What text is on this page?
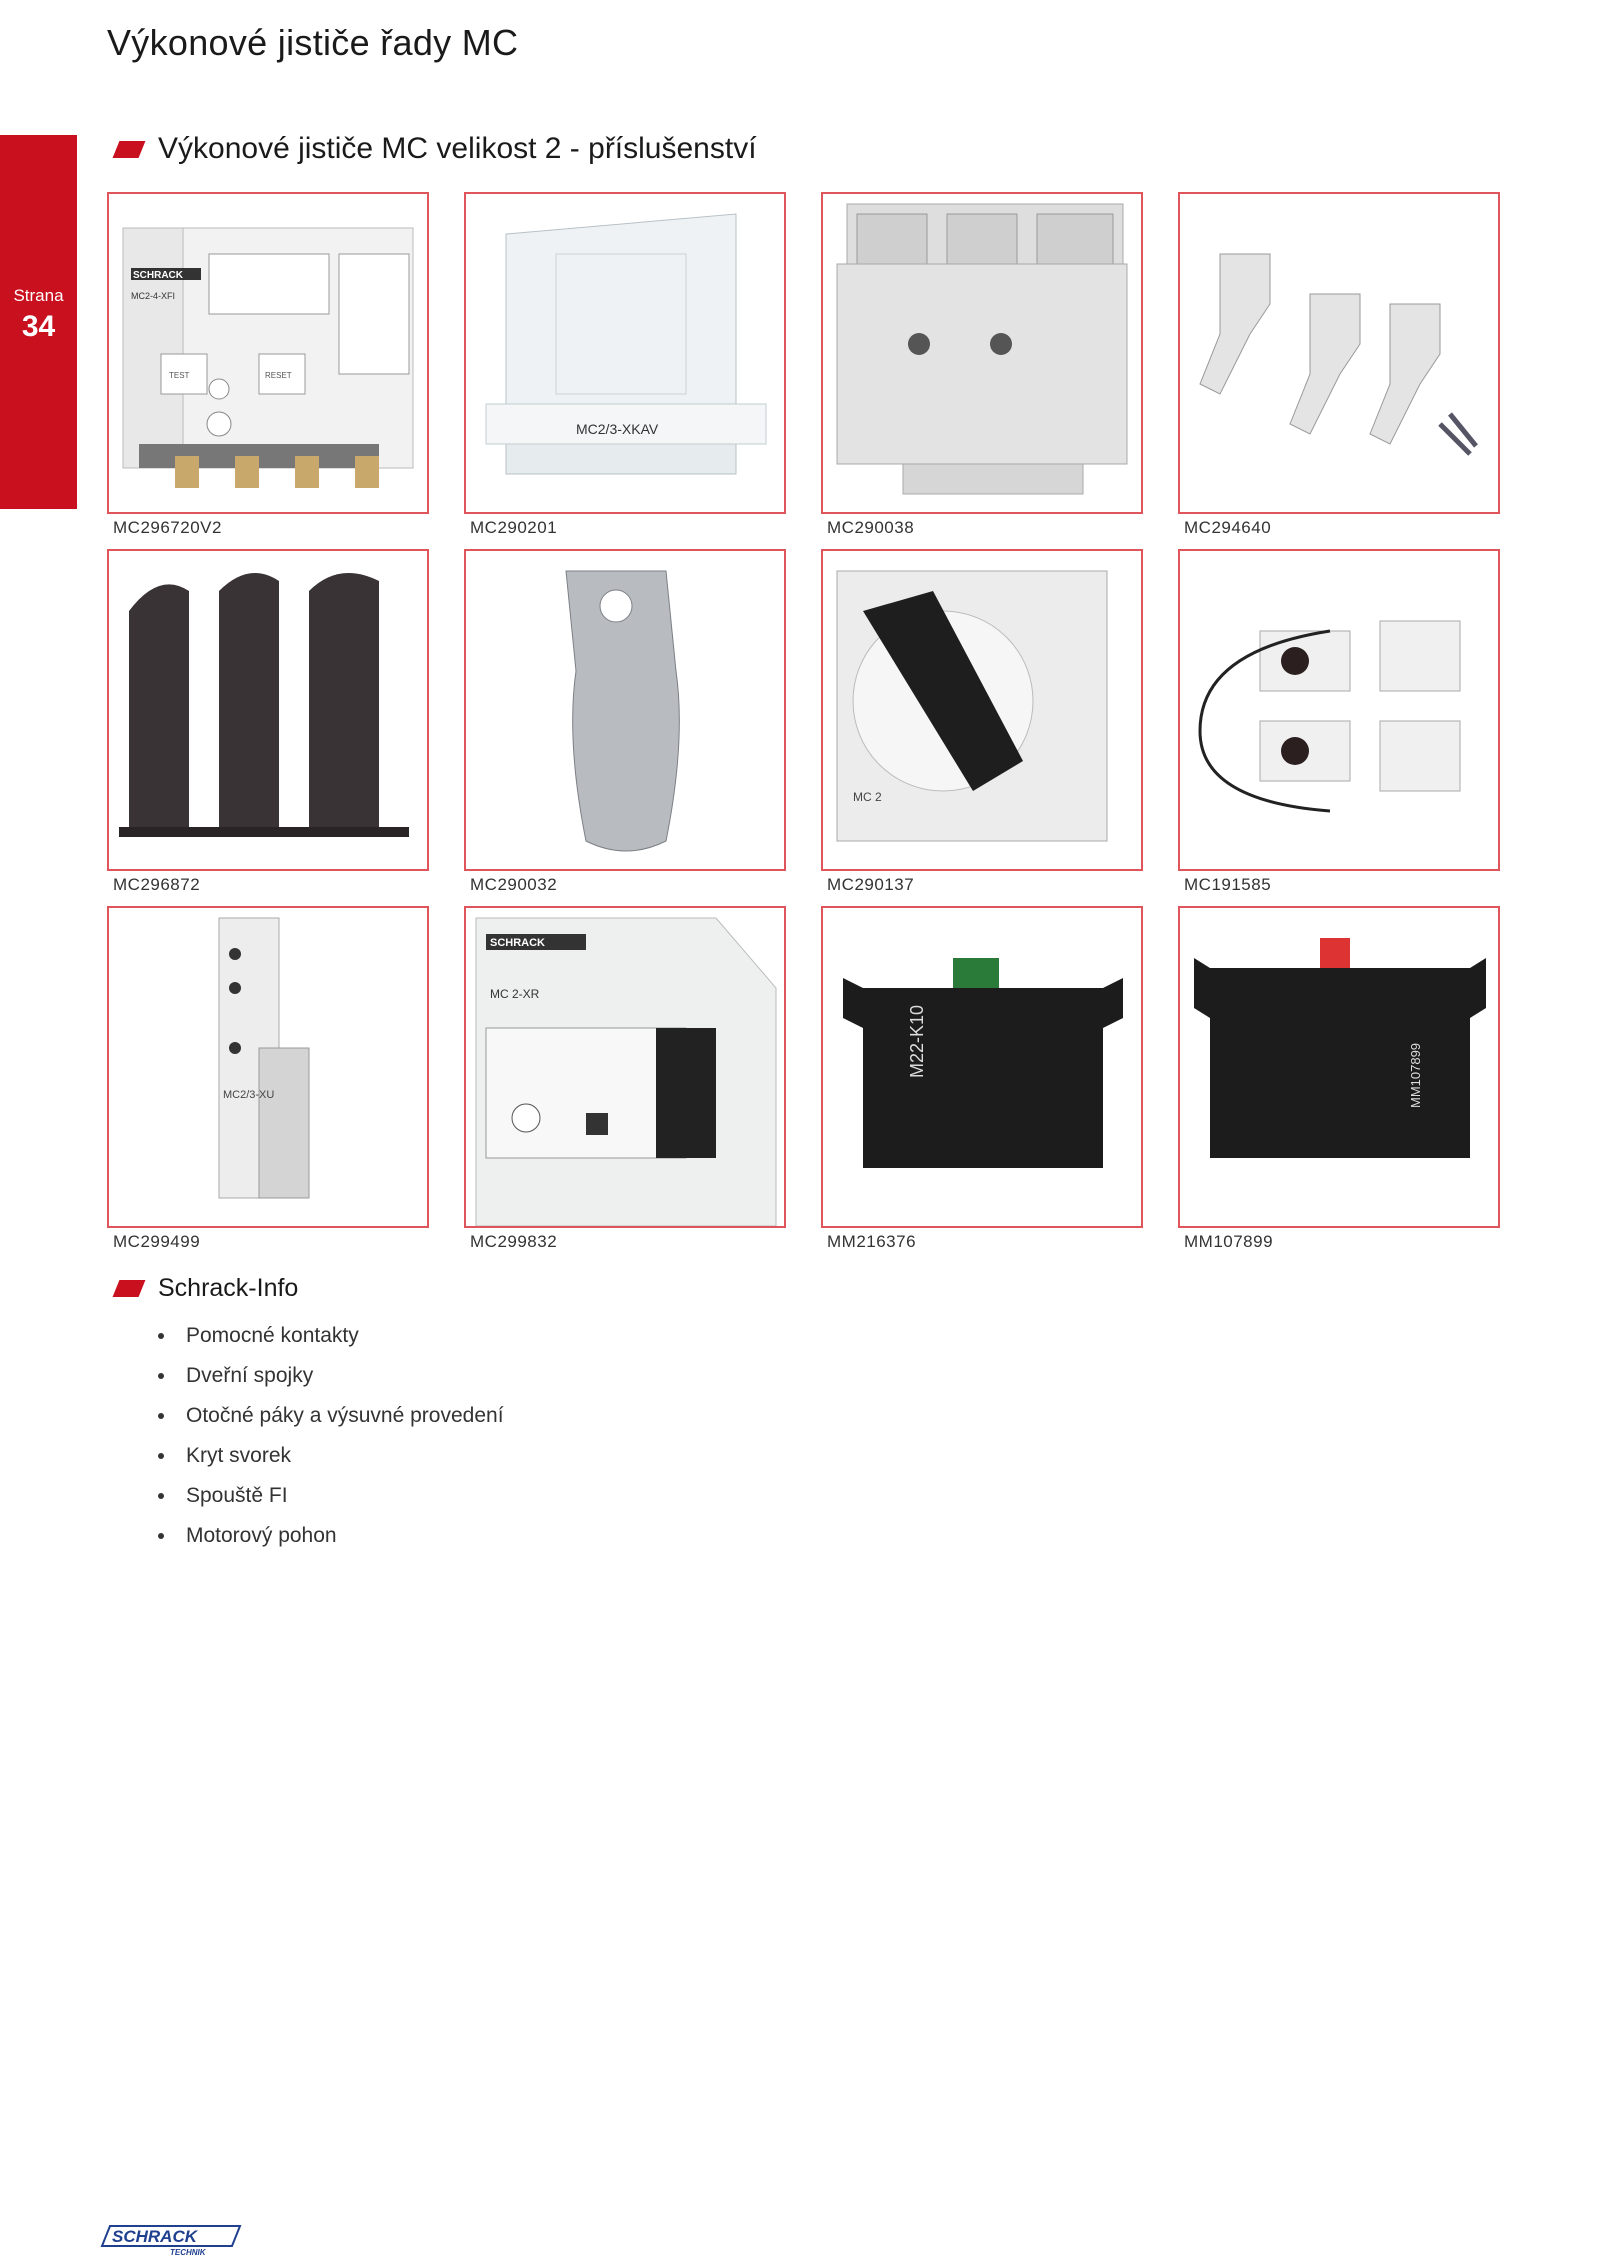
Výkonové jističe řady MC
Strana
34
Výkonové jističe MC velikost 2 - příslušenství
SCHRACK
MC2-4-XFI
TEST	RESET
MC296720V2
MC2/3-XKAV
MC290201	MC290038	MC294640
MC296872	MC290032
MC 2
MC290137	MC191585
MC2/3-XU
MC299499
SCHRACK
MC 2-XR
MC299832
M22-K10
MM216376
MM107899
MM107899
Schrack-Info
Pomocné kontakty
Dveřní spojky
Otočné páky a výsuvné provedení
Kryt svorek
Spouště FI
Motorový pohon
SCHRACK
TECHNIK
